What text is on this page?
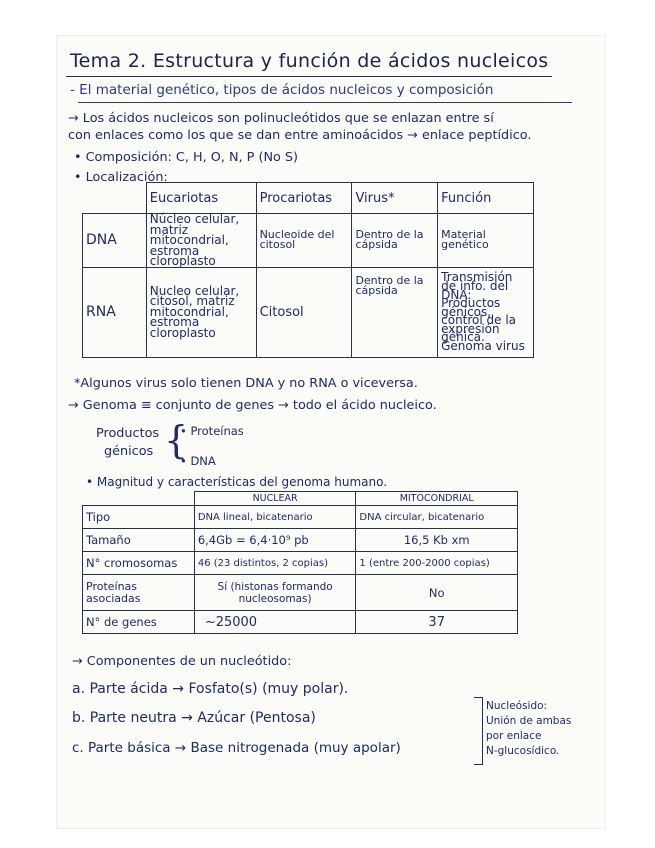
Tema 2. Estructura y función de ácidos nucleicos
- El material genético, tipos de ácidos nucleicos y composición
→ Los ácidos nucleicos son polinucleótidos que se enlazan entre sí
con enlaces como los que se dan entre aminoácidos → enlace peptídico.
• Composición: C, H, O, N, P (No S)
• Localización:
	Eucariotas	Procariotas	Virus*	Función
DNA	Núcleo celular, matriz mitocondrial, estroma cloroplasto	Nucleoide del citosol	Dentro de la cápsida	Material genético
RNA	Nucleo celular, citosol, matriz mitocondrial, estroma cloroplasto	Citosol	Dentro de la cápsida	Transmisión de info. del DNA: Productos génicos, control de la expresión génica. Genoma virus
*Algunos virus solo tienen DNA y no RNA o viceversa.
→ Genoma ≡ conjunto de genes → todo el ácido nucleico.
Productos
génicos {
• Proteínas
• DNA
• Magnitud y características del genoma humano.
	NUCLEAR	MITOCONDRIAL
Tipo	DNA lineal, bicatenario	DNA circular, bicatenario
Tamaño	6,4Gb = 6,4·10⁹ pb	16,5 Kb xm
N° cromosomas	46 (23 distintos, 2 copias)	1 (entre 200-2000 copias)
Proteínas asociadas	Sí (histonas formando nucleosomas)	No
N° de genes	~25000	37
→ Componentes de un nucleótido:
a. Parte ácida → Fosfato(s) (muy polar).
b. Parte neutra → Azúcar (Pentosa)
c. Parte básica → Base nitrogenada (muy apolar)
Nucleósido:
Unión de ambas
por enlace
N-glucosídico.
